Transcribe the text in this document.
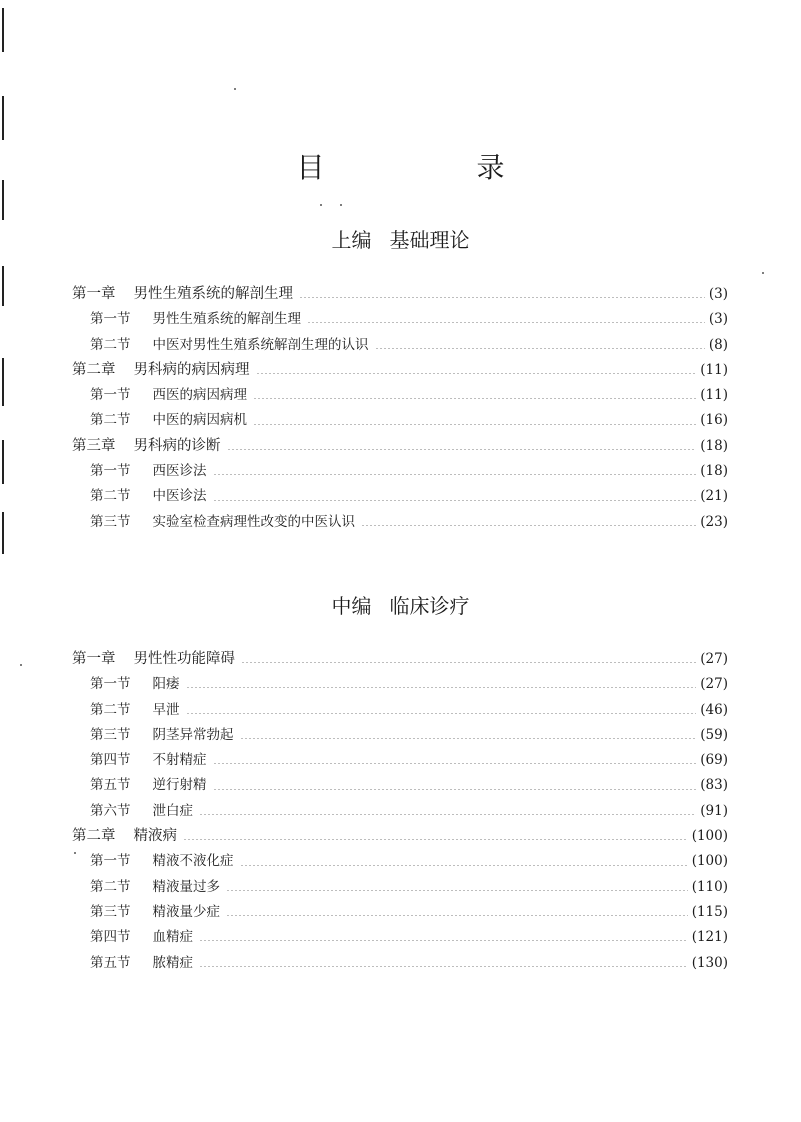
目　录
上编 基础理论
第一章 男性生殖系统的解剖生理	(3)
第一节 男性生殖系统的解剖生理	(3)
第二节 中医对男性生殖系统解剖生理的认识	(8)
第二章 男科病的病因病理	(11)
第一节 西医的病因病理	(11)
第二节 中医的病因病机	(16)
第三章 男科病的诊断	(18)
第一节 西医诊法	(18)
第二节 中医诊法	(21)
第三节 实验室检查病理性改变的中医认识	(23)
中编 临床诊疗
第一章 男性性功能障碍	(27)
第一节 阳痿	(27)
第二节 早泄	(46)
第三节 阴茎异常勃起	(59)
第四节 不射精症	(69)
第五节 逆行射精	(83)
第六节 泄白症	(91)
第二章 精液病	(100)
第一节 精液不液化症	(100)
第二节 精液量过多	(110)
第三节 精液量少症	(115)
第四节 血精症	(121)
第五节 脓精症	(130)
